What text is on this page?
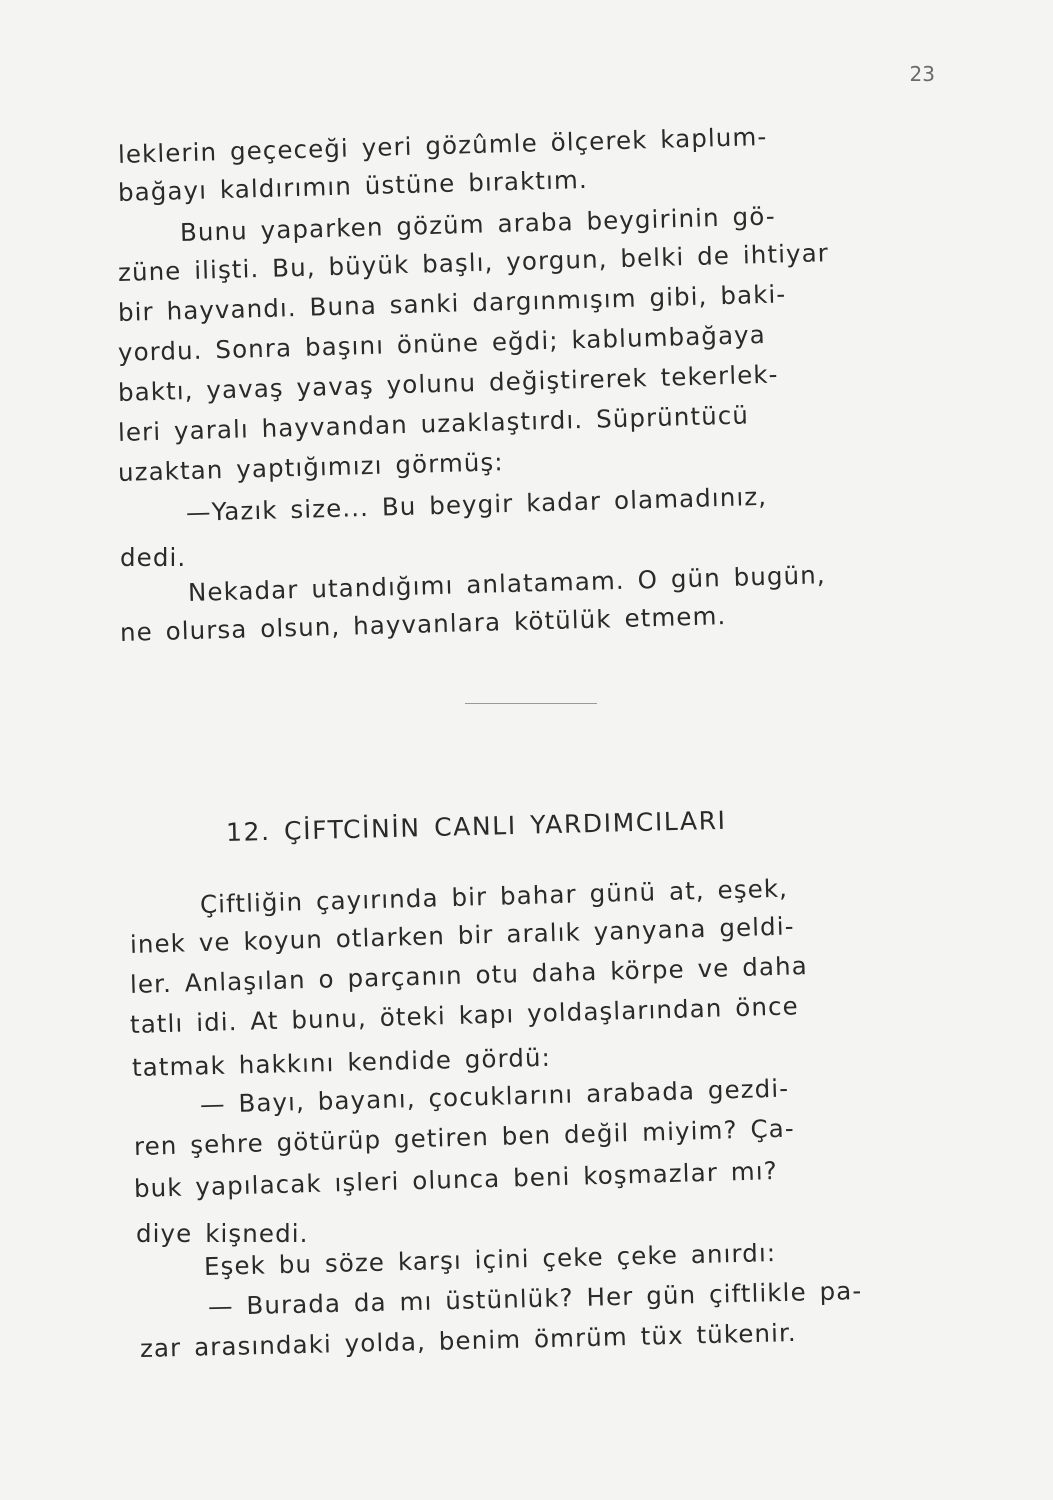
23
leklerin geçeceği yeri gözûmle ölçerek kaplum-
bağayı kaldırımın üstüne bıraktım.
Bunu yaparken gözüm araba beygirinin gö-
züne ilişti. Bu, büyük başlı, yorgun, belki de ihtiyar
bir hayvandı. Buna sanki dargınmışım gibi, baki-
yordu. Sonra başını önüne eğdi; kablumbağaya
baktı, yavaş yavaş yolunu değiştirerek tekerlek-
leri yaralı hayvandan uzaklaştırdı. Süprüntücü
uzaktan yaptığımızı görmüş:
—Yazık size... Bu beygir kadar olamadınız,
dedi.
Nekadar utandığımı anlatamam. O gün bugün,
ne olursa olsun, hayvanlara kötülük etmem.
12. ÇİFTCİNİN CANLI YARDIMCILARI
Çiftliğin çayırında bir bahar günü at, eşek,
inek ve koyun otlarken bir aralık yanyana geldi-
ler. Anlaşılan o parçanın otu daha körpe ve daha
tatlı idi. At bunu, öteki kapı yoldaşlarından önce
tatmak hakkını kendide gördü:
— Bayı, bayanı, çocuklarını arabada gezdi-
ren şehre götürüp getiren ben değil miyim? Ça-
buk yapılacak ışleri olunca beni koşmazlar mı?
diye kişnedi.
Eşek bu söze karşı içini çeke çeke anırdı:
— Burada da mı üstünlük? Her gün çiftlikle pa-
zar arasındaki yolda, benim ömrüm tüx tükenir.
